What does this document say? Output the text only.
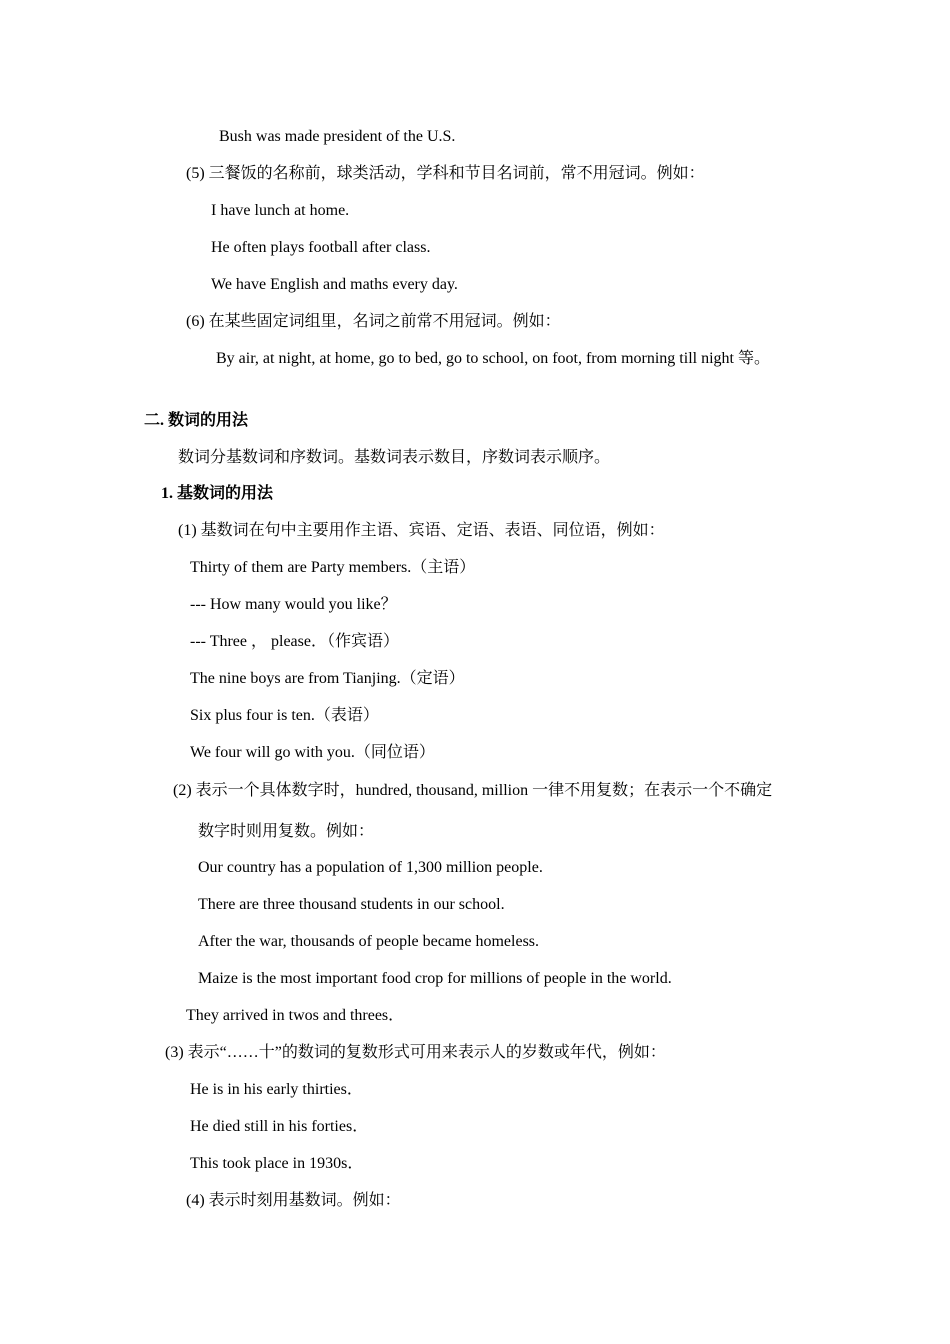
Bush was made president of the U.S.
(5) 三餐饭的名称前，球类活动，学科和节目名词前，常不用冠词。例如：
I have lunch at home.
He often plays football after class.
We have English and maths every day.
(6) 在某些固定词组里，名词之前常不用冠词。例如：
By air, at night, at home, go to bed, go to school, on foot, from morning till night 等。
二. 数词的用法
数词分基数词和序数词。基数词表示数目，序数词表示顺序。
1. 基数词的用法
(1) 基数词在句中主要用作主语、宾语、定语、表语、同位语，例如：
Thirty of them are Party members.（主语）
--- How many would you like？
--- Three ， please．（作宾语）
The nine boys are from Tianjing.（定语）
Six plus four is ten.（表语）
We four will go with you.（同位语）
(2) 表示一个具体数字时，hundred, thousand, million 一律不用复数；在表示一个不确定
数字时则用复数。例如：
Our country has a population of 1,300 million people.
There are three thousand students in our school.
After the war, thousands of people became homeless.
Maize is the most important food crop for millions of people in the world.
They arrived in twos and threes．
(3) 表示“……十”的数词的复数形式可用来表示人的岁数或年代，例如：
He is in his early thirties．
He died still in his forties．
This took place in 1930s．
(4) 表示时刻用基数词。例如：
